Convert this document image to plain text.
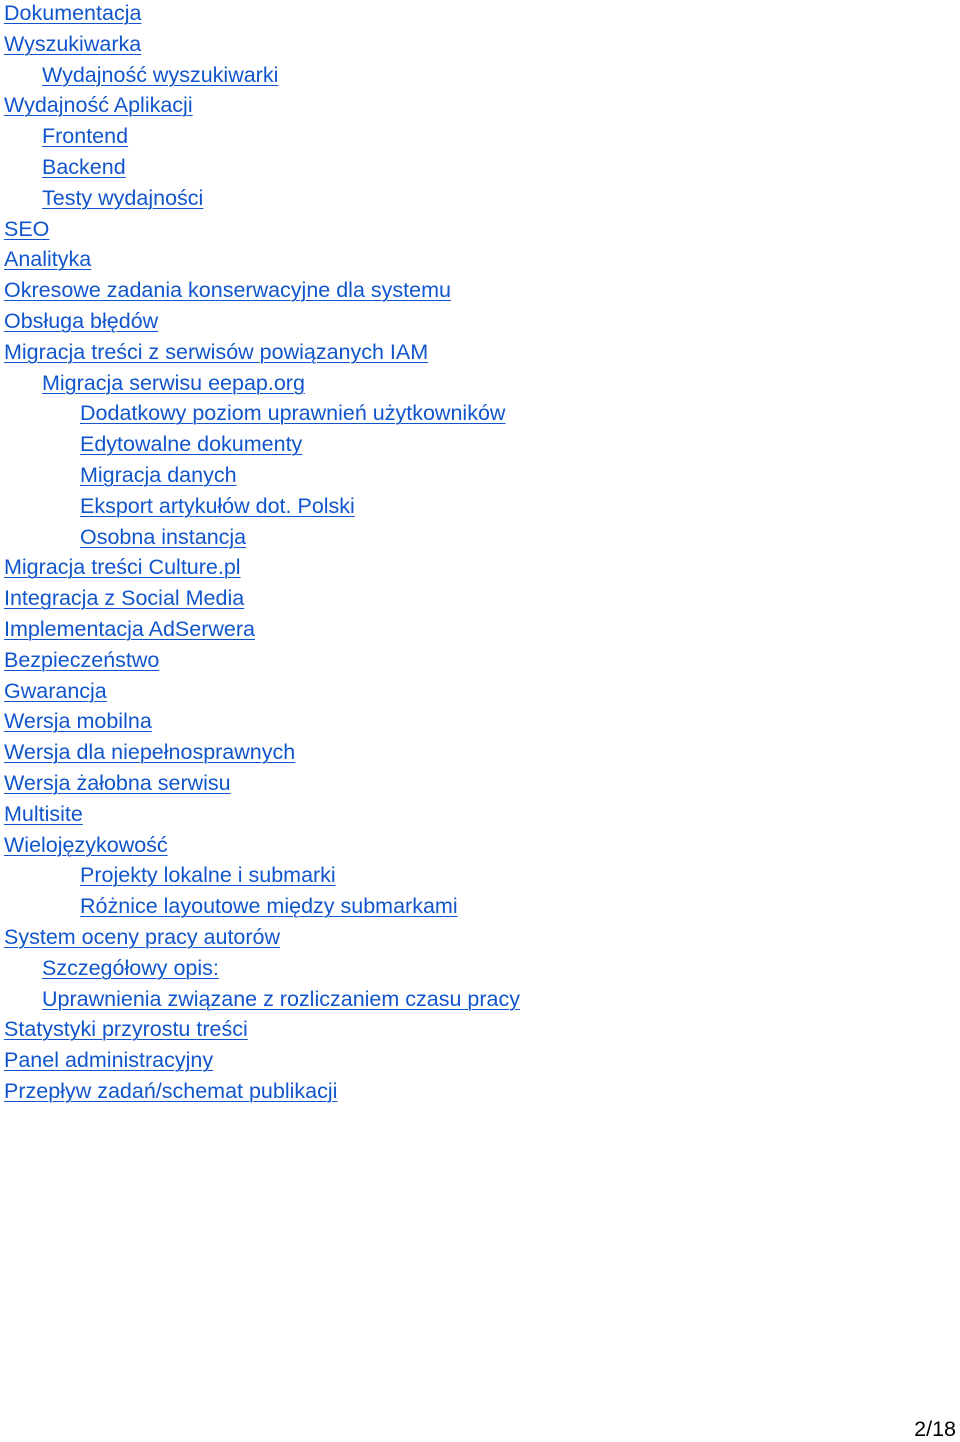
Dokumentacja
Wyszukiwarka
Wydajność wyszukiwarki
Wydajność Aplikacji
Frontend
Backend
Testy wydajności
SEO
Analityka
Okresowe zadania konserwacyjne dla systemu
Obsługa błędów
Migracja treści z serwisów powiązanych IAM
Migracja serwisu eepap.org
Dodatkowy poziom uprawnień użytkowników
Edytowalne dokumenty
Migracja danych
Eksport artykułów dot. Polski
Osobna instancja
Migracja treści Culture.pl
Integracja z Social Media
Implementacja AdSerwera
Bezpieczeństwo
Gwarancja
Wersja mobilna
Wersja dla niepełnosprawnych
Wersja żałobna serwisu
Multisite
Wielojęzykowość
Projekty lokalne i submarki
Różnice layoutowe między submarkami
System oceny pracy autorów
Szczegółowy opis:
Uprawnienia związane z rozliczaniem czasu pracy
Statystyki przyrostu treści
Panel administracyjny
Przepływ zadań/schemat publikacji
2/18
